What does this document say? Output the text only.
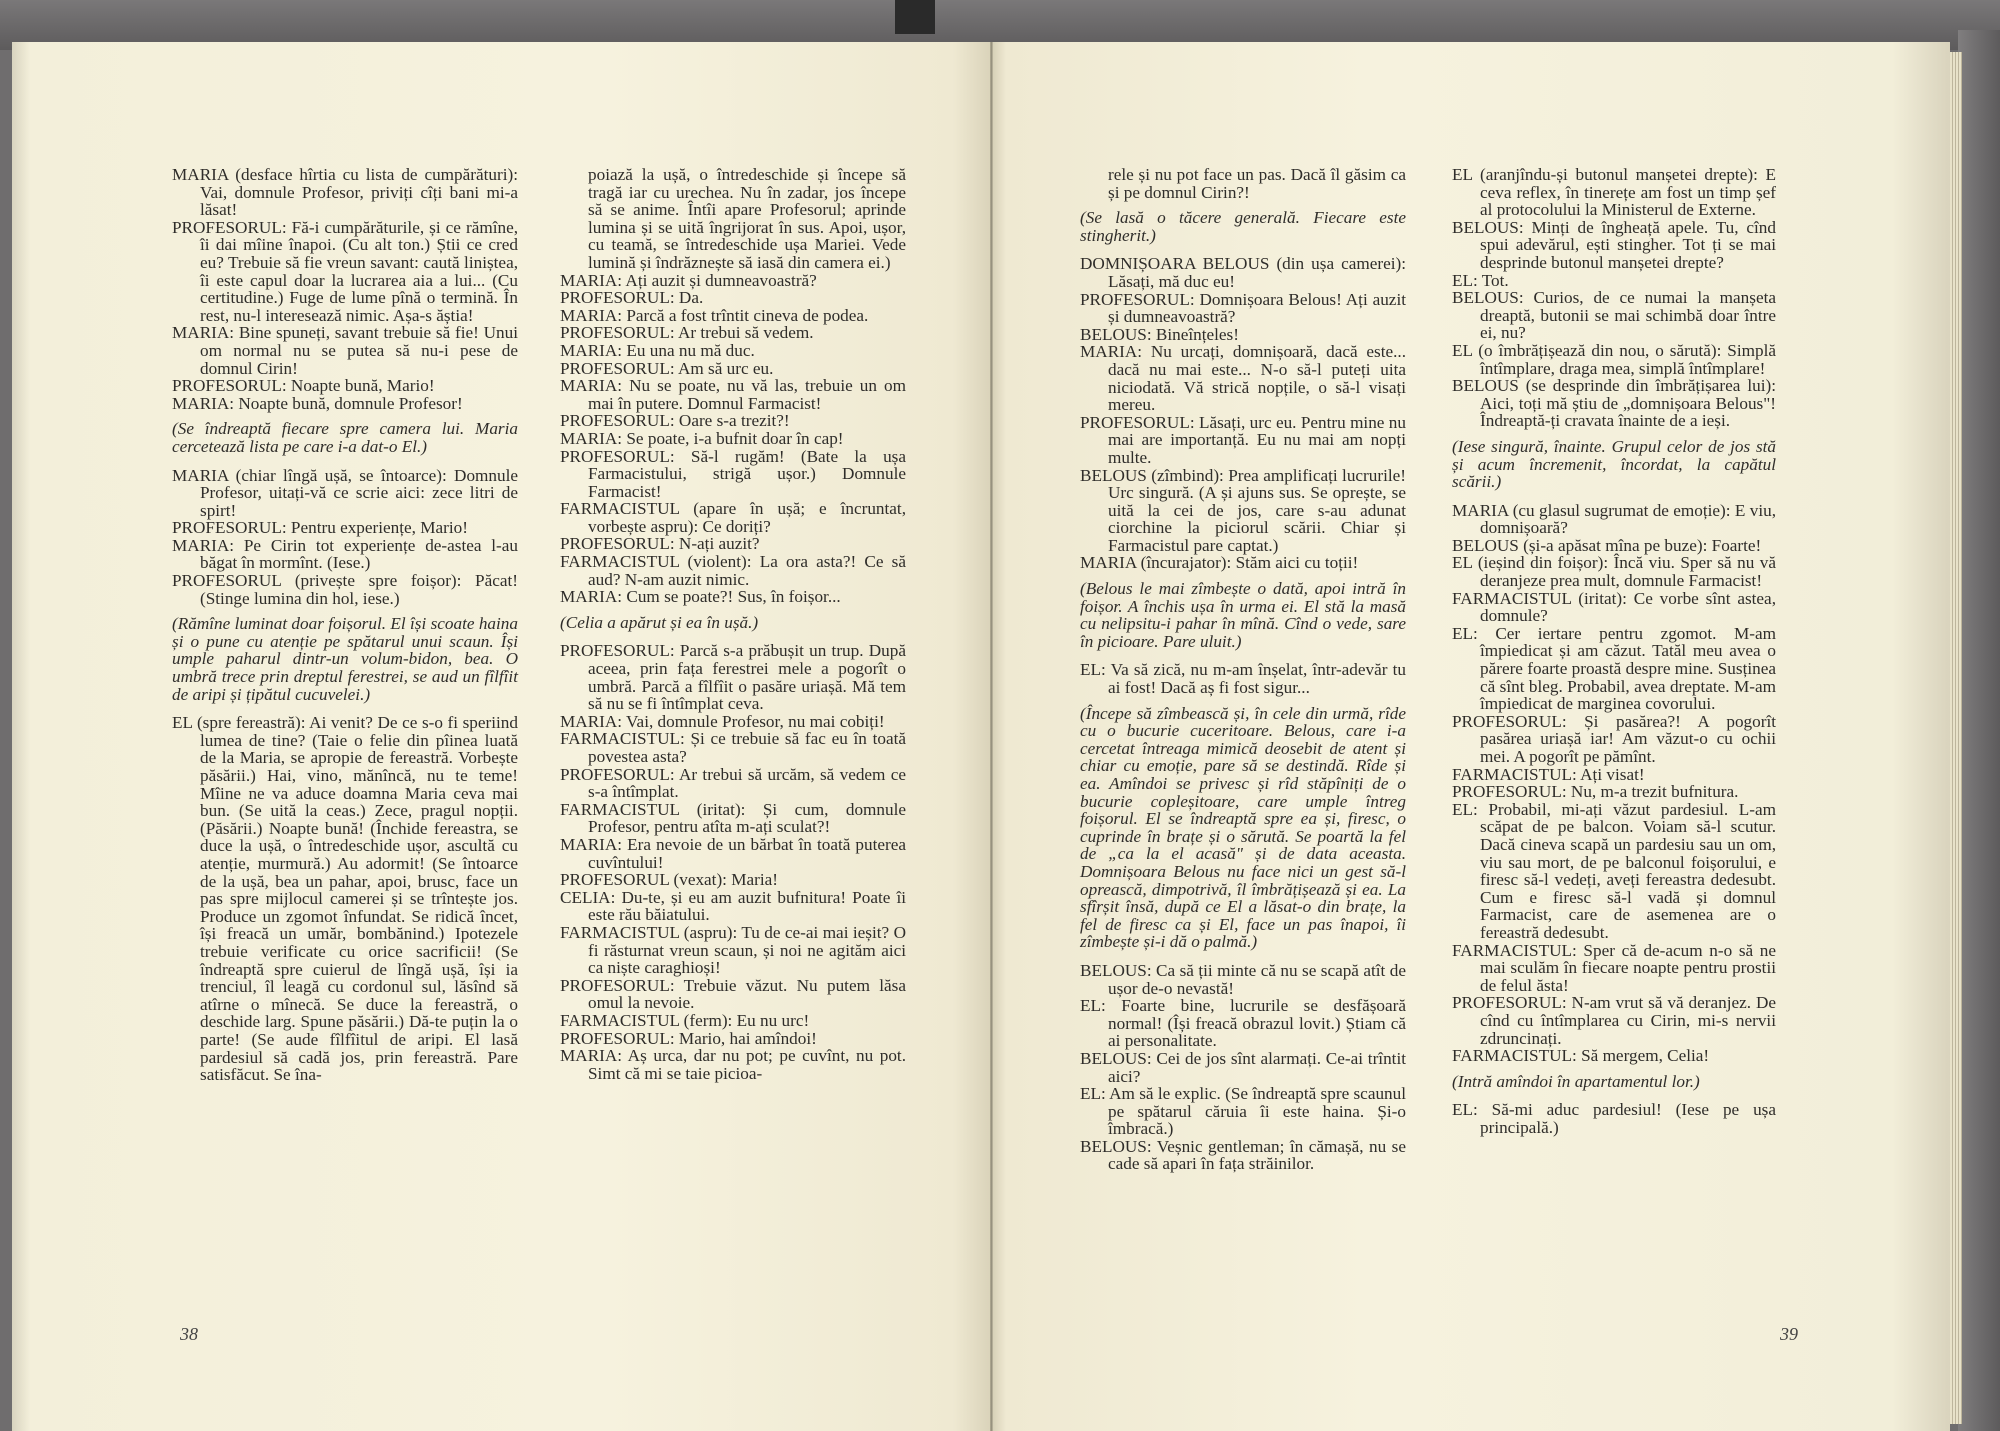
MARIA (desface hîrtia cu lista de cumpărături): Vai, domnule Profesor, priviți cîți bani mi-a lăsat!

PROFESORUL: Fă-i cumpărăturile, și ce rămîne, îi dai mîine înapoi. (Cu alt ton.) Știi ce cred eu? Trebuie să fie vreun savant: caută liniștea, îi este capul doar la lucrarea aia a lui... (Cu certitudine.) Fuge de lume pînă o termină. În rest, nu-l interesează nimic. Așa-s ăștia!

MARIA: Bine spuneți, savant trebuie să fie! Unui om normal nu se putea să nu-i pese de domnul Cirin!

PROFESORUL: Noapte bună, Mario!

MARIA: Noapte bună, domnule Profesor!

(Se îndreaptă fiecare spre camera lui. Maria cercetează lista pe care i-a dat-o El.)

MARIA (chiar lîngă ușă, se întoarce): Domnule Profesor, uitați-vă ce scrie aici: zece litri de spirt!

PROFESORUL: Pentru experiențe, Mario!

MARIA: Pe Cirin tot experiențe de-astea l-au băgat în mormînt. (Iese.)

PROFESORUL (privește spre foișor): Păcat! (Stinge lumina din hol, iese.)

(Rămîne luminat doar foișorul. El își scoate haina și o pune cu atenție pe spătarul unui scaun. Își umple paharul dintr-un volum-bidon, bea. O umbră trece prin dreptul ferestrei, se aud un fîlfîit de aripi și țipătul cucuvelei.)

EL (spre fereastră): Ai venit? De ce s-o fi speriind lumea de tine? (Taie o felie din pîinea luată de la Maria, se apropie de fereastră. Vorbește păsării.) Hai, vino, mănîncă, nu te teme! Mîine ne va aduce doamna Maria ceva mai bun. (Se uită la ceas.) Zece, pragul nopții. (Păsării.) Noapte bună! (Închide fereastra, se duce la ușă, o întredeschide ușor, ascultă cu atenție, murmură.) Au adormit! (Se întoarce de la ușă, bea un pahar, apoi, brusc, face un pas spre mijlocul camerei și se trîntește jos. Produce un zgomot înfundat. Se ridică încet, își freacă un umăr, bombănind.) Ipotezele trebuie verificate cu orice sacrificii! (Se îndreaptă spre cuierul de lîngă ușă, își ia trenciul, îl leagă cu cordonul sul, lăsînd să atîrne o mînecă. Se duce la fereastră, o deschide larg. Spune păsării.) Dă-te puțin la o parte! (Se aude fîlfîitul de aripi. El lasă pardesiul să cadă jos, prin fereastră. Pare satisfăcut. Se îna-

poiază la ușă, o întredeschide și începe să tragă iar cu urechea. Nu în zadar, jos începe să se anime. Întîi apare Profesorul; aprinde lumina și se uită îngrijorat în sus. Apoi, ușor, cu teamă, se întredeschide ușa Mariei. Vede lumină și îndrăznește să iasă din camera ei.)

MARIA: Ați auzit și dumneavoastră?

PROFESORUL: Da.

MARIA: Parcă a fost trîntit cineva de podea.

PROFESORUL: Ar trebui să vedem.

MARIA: Eu una nu mă duc.

PROFESORUL: Am să urc eu.

MARIA: Nu se poate, nu vă las, trebuie un om mai în putere. Domnul Farmacist!

PROFESORUL: Oare s-a trezit?!

MARIA: Se poate, i-a bufnit doar în cap!

PROFESORUL: Să-l rugăm! (Bate la ușa Farmacistului, strigă ușor.) Domnule Farmacist!

FARMACISTUL (apare în ușă; e încruntat, vorbește aspru): Ce doriți?

PROFESORUL: N-ați auzit?

FARMACISTUL (violent): La ora asta?! Ce să aud? N-am auzit nimic.

MARIA: Cum se poate?! Sus, în foișor...

(Celia a apărut și ea în ușă.)

PROFESORUL: Parcă s-a prăbușit un trup. După aceea, prin fața ferestrei mele a pogorît o umbră. Parcă a fîlfîit o pasăre uriașă. Mă tem să nu se fi întîmplat ceva.

MARIA: Vai, domnule Profesor, nu mai cobiți!

FARMACISTUL: Și ce trebuie să fac eu în toată povestea asta?

PROFESORUL: Ar trebui să urcăm, să vedem ce s-a întîmplat.

FARMACISTUL (iritat): Și cum, domnule Profesor, pentru atîta m-ați sculat?!

MARIA: Era nevoie de un bărbat în toată puterea cuvîntului!

PROFESORUL (vexat): Maria!

CELIA: Du-te, și eu am auzit bufnitura! Poate îi este rău băiatului.

FARMACISTUL (aspru): Tu de ce-ai mai ieșit? O fi răsturnat vreun scaun, și noi ne agităm aici ca niște caraghioși!

PROFESORUL: Trebuie văzut. Nu putem lăsa omul la nevoie.

FARMACISTUL (ferm): Eu nu urc!

PROFESORUL: Mario, hai amîndoi!

MARIA: Aș urca, dar nu pot; pe cuvînt, nu pot. Simt că mi se taie picioa-

38

rele și nu pot face un pas. Dacă îl găsim ca și pe domnul Cirin?!

(Se lasă o tăcere generală. Fiecare este stingherit.)

DOMNIȘOARA BELOUS (din ușa camerei): Lăsați, mă duc eu!

PROFESORUL: Domnișoara Belous! Ați auzit și dumneavoastră?

BELOUS: Bineînțeles!

MARIA: Nu urcați, domnișoară, dacă este... dacă nu mai este... N-o să-l puteți uita niciodată. Vă strică nopțile, o să-l visați mereu.

PROFESORUL: Lăsați, urc eu. Pentru mine nu mai are importanță. Eu nu mai am nopți multe.

BELOUS (zîmbind): Prea amplificați lucrurile! Urc singură. (A și ajuns sus. Se oprește, se uită la cei de jos, care s-au adunat ciorchine la piciorul scării. Chiar și Farmacistul pare captat.)

MARIA (încurajator): Stăm aici cu toții!

(Belous le mai zîmbește o dată, apoi intră în foișor. A închis ușa în urma ei. El stă la masă cu nelipsitu-i pahar în mînă. Cînd o vede, sare în picioare. Pare uluit.)

EL: Va să zică, nu m-am înșelat, într-adevăr tu ai fost! Dacă aș fi fost sigur...

(Începe să zîmbească și, în cele din urmă, rîde cu o bucurie cuceritoare. Belous, care i-a cercetat întreaga mimică deosebit de atent și chiar cu emoție, pare să se destindă. Rîde și ea. Amîndoi se privesc și rîd stăpîniți de o bucurie copleșitoare, care umple întreg foișorul. El se îndreaptă spre ea și, firesc, o cuprinde în brațe și o sărută. Se poartă la fel de „ca la el acasă" și de data aceasta. Domnișoara Belous nu face nici un gest să-l oprească, dimpotrivă, îl îmbrățișează și ea. La sfîrșit însă, după ce El a lăsat-o din brațe, la fel de firesc ca și El, face un pas înapoi, îi zîmbește și-i dă o palmă.)

BELOUS: Ca să ții minte că nu se scapă atît de ușor de-o nevastă!

EL: Foarte bine, lucrurile se desfășoară normal! (Își freacă obrazul lovit.) Știam că ai personalitate.

BELOUS: Cei de jos sînt alarmați. Ce-ai trîntit aici?

EL: Am să le explic. (Se îndreaptă spre scaunul pe spătarul căruia îi este haina. Și-o îmbracă.)

BELOUS: Veșnic gentleman; în cămașă, nu se cade să apari în fața străinilor.

EL (aranjîndu-și butonul manșetei drepte): E ceva reflex, în tinerețe am fost un timp șef al protocolului la Ministerul de Externe.

BELOUS: Minți de îngheață apele. Tu, cînd spui adevărul, ești stingher. Tot ți se mai desprinde butonul manșetei drepte?

EL: Tot.

BELOUS: Curios, de ce numai la manșeta dreaptă, butonii se mai schimbă doar între ei, nu?

EL (o îmbrățișează din nou, o sărută): Simplă întîmplare, draga mea, simplă întîmplare!

BELOUS (se desprinde din îmbrățișarea lui): Aici, toți mă știu de „domnișoara Belous"! Îndreaptă-ți cravata înainte de a ieși.

(Iese singură, înainte. Grupul celor de jos stă și acum încremenit, încordat, la capătul scării.)

MARIA (cu glasul sugrumat de emoție): E viu, domnișoară?

BELOUS (și-a apăsat mîna pe buze): Foarte!

EL (ieșind din foișor): Încă viu. Sper să nu vă deranjeze prea mult, domnule Farmacist!

FARMACISTUL (iritat): Ce vorbe sînt astea, domnule?

EL: Cer iertare pentru zgomot. M-am împiedicat și am căzut. Tatăl meu avea o părere foarte proastă despre mine. Susținea că sînt bleg. Probabil, avea dreptate. M-am împiedicat de marginea covorului.

PROFESORUL: Și pasărea?! A pogorît pasărea uriașă iar! Am văzut-o cu ochii mei. A pogorît pe pămînt.

FARMACISTUL: Ați visat!

PROFESORUL: Nu, m-a trezit bufnitura.

EL: Probabil, mi-ați văzut pardesiul. L-am scăpat de pe balcon. Voiam să-l scutur. Dacă cineva scapă un pardesiu sau un om, viu sau mort, de pe balconul foișorului, e firesc să-l vedeți, aveți fereastra dedesubt. Cum e firesc să-l vadă și domnul Farmacist, care de asemenea are o fereastră dedesubt.

FARMACISTUL: Sper că de-acum n-o să ne mai sculăm în fiecare noapte pentru prostii de felul ăsta!

PROFESORUL: N-am vrut să vă deranjez. De cînd cu întîmplarea cu Cirin, mi-s nervii zdruncinați.

FARMACISTUL: Să mergem, Celia!

(Intră amîndoi în apartamentul lor.)

EL: Să-mi aduc pardesiul! (Iese pe ușa principală.)

39
